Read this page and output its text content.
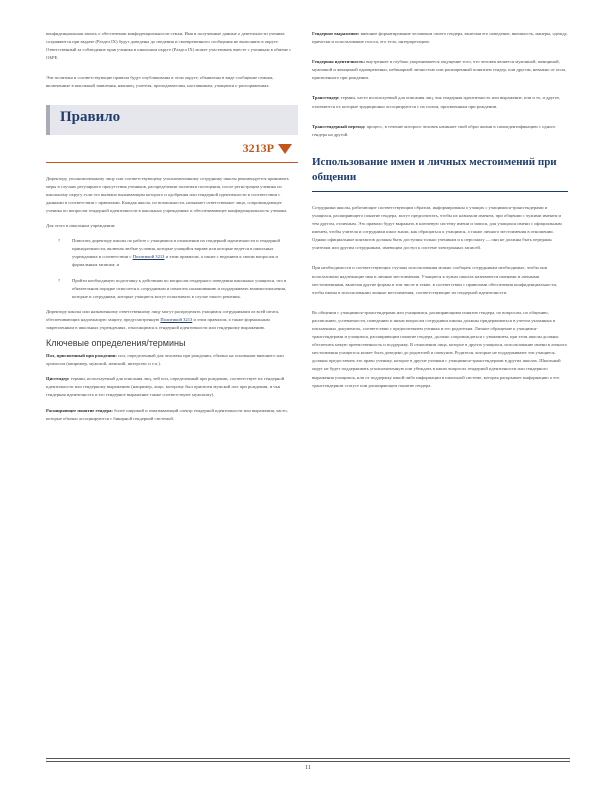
конфиденциальная запись о обеспечении конфиденциальности семьи. Имя и полученные данные о деятельности ученика сохраняются при выдаче (Раздел IX) будут доведены до сведения и своевременного сообщения не выполнять в округе. Ответственный за соблюдение прав ученика в школьном округе (Раздел IX) может участвовать вместе с ученикам в обмене с ОБРЕ.

Эти политика и соответствующие правила будут опубликованы в этом округе, объявлены в виде сообщение семьям, включенные в школьный заявления, наконец, учителя, преподавателям, наставникам, учащимся о распоряжениях.

Правило
3213Р

Директору, уполномоченному лицу или соответствующему уполномоченному сотруднику школы рекомендуется принимать меры в случаях регулярного присутствия учеников, распределении политики посещения, после регистрации ученика по школьному округу если это вызвано вызывающим которого и одобрения или гендерной идентичности в соответствии с данными в соответствии с правилами. Каждая школа, по возможности, назначает ответственное лицо, сопровождающее ученика по вопросам гендерной идентичности в школьных учреждениях и обеспечивающее конфиденциальность ученика.

Для этого в школьном учреждении:

?	Помогать директору школы по работе с учащимися в отношении их гендерной идентичности и гендерной принадлежности, включая любые условия, которые учащийся вправе или которые ведется в школьных учреждениях в соответствии с Политикой 3213 и этим правилом, а также с ведением к своим вопросам и формальным записям; и

?	Пройти необходимую подготовку к действиям по вопросам гендерного поведения школьных учащихся, что в обязательном порядке относится к сотрудникам и помогать налаживанию и поддерживать взаимоотношения, которые и сотрудники, которые учащиеся могут испытывать в случае такого решения.

Директору школы или назначенному ответственному лицу могут распределять учащимся сотрудниками из всей штата, обеспечивающих надлежащую защиту, предусмотренную Политикой 3213 и этим правилом, а также формальным закрепленным в школьных учреждениях, относящимся к гендерной идентичности или гендерному выражению.

Ключевые определения/термины

Пол, присвоенный при рождении: пол, определенный для человека при рождении, обычно на основании внешнего или хромосом (например, мужской, женский, интерсекс и т.п.).

Цисгендер: термин, используемый для описания лиц, чей пол, определенный при рождении, соответствует их гендерной идентичности или гендерному выражению (например, лицо, которому был присвоен мужской пол при рождении, и чья гендерная идентичность и его гендерное выражение также соответствуют мужскому).

Расширяющее понятие гендера: более широкий и охватывающий спектр гендерной идентичности или выражения, часто, которые обычно ассоциируются с бинарной гендерной системой.

Гендерное выражение: внешнее форматирование человеком своего гендера, включая его поведение, внешность, манеры, одежду, прически и использование голоса, его тело, интерпретацию.

Гендерная идентичность: внутреннее и глубоко укоренившееся ощущение того, что человек является мужчиной, женщиной, мужчиной и женщиной одновременно, небинарной личностью или расширенный понятием гендер, или другим, неважно от пола, присвоенного при рождении.

Трансгендер: термин, часто используемый для описания лиц, чья гендерная идентичность или выражение, или и то, и другое, отличаются от, которые традиционно ассоциируются с их полом, присвоенным при рождении.

Трансгендерный переход: процесс, в течение которого человек начинает свой образ жизни в самоидентификацию с одного гендера на другой.

Использование имен и личных местоимений при общении

Сотрудники школы, работающие соответствующим образом, информированы о учащих с учащимися-трансгендерами и учащихся, расширяющего понятие гендера, могут предпочитать, чтобы их называли именем, при общении с чужими именем и тем другом, отличным. Это правило будут выражать в ключевую систему имени и записи, для учащихся имени с официальным именем, чтобы учителя и сотрудники школ знали, как обращаться к учащимся, а также личного местоимения в отношении. Однако официальные контактов должны быть доступны только ученикам и к персоналу — они не должны быть переданы учителям или другим сотрудникам, имеющим доступ к системе электронных записей.

При необходимости и соответствующих случаях использования можно сообщать сотрудникам необходимые, чтобы они использовали надлежащие имя и личные местоимения. Учащиеся в чужих школах называются именами и личными местоимениями, включая другие формы в том числе и такие, в соответствии с правилами обеспечения конфиденциальности, чтобы имена в использовании личные местоимения, соответствующие их гендерной идентичности.

Во общении с учащимися-трансгендерами или учащимися, расширяющими понятие гендера, по вопросам, по общению, расписанию, успеваемости, поведению и иным вопросам сотрудники школы должны придерживаться в учетом указанных в письменных документах, соответствии с предпочтением ученика и его родителям. Личное обращение к учащимся-трансгендерами и учащимся, расширяющим понятие гендера, должно сопровождаться с уважением, при этом школы должны обеспечить некую преемственность и поддержку. В отношении лица, которое в других учащихся, использование имени в личного местоимения учащегося может быть доведено до родителей и опекунов. Родители, которые не поддерживают эти учащиеся, должны предоставить это право ученику, которое в другие ученики с учащимися-трансгендерами в других школах. Школьный округ не будет поддерживать уполномоченную или убеждать в каких вопросах гендерной идентичности или гендерного выражения учащимся, или от поддержку какой-либо информации в школьной системе, которая раскрывает информацию о его трансгендерном статусе или расширяющем понятие гендера.

11
